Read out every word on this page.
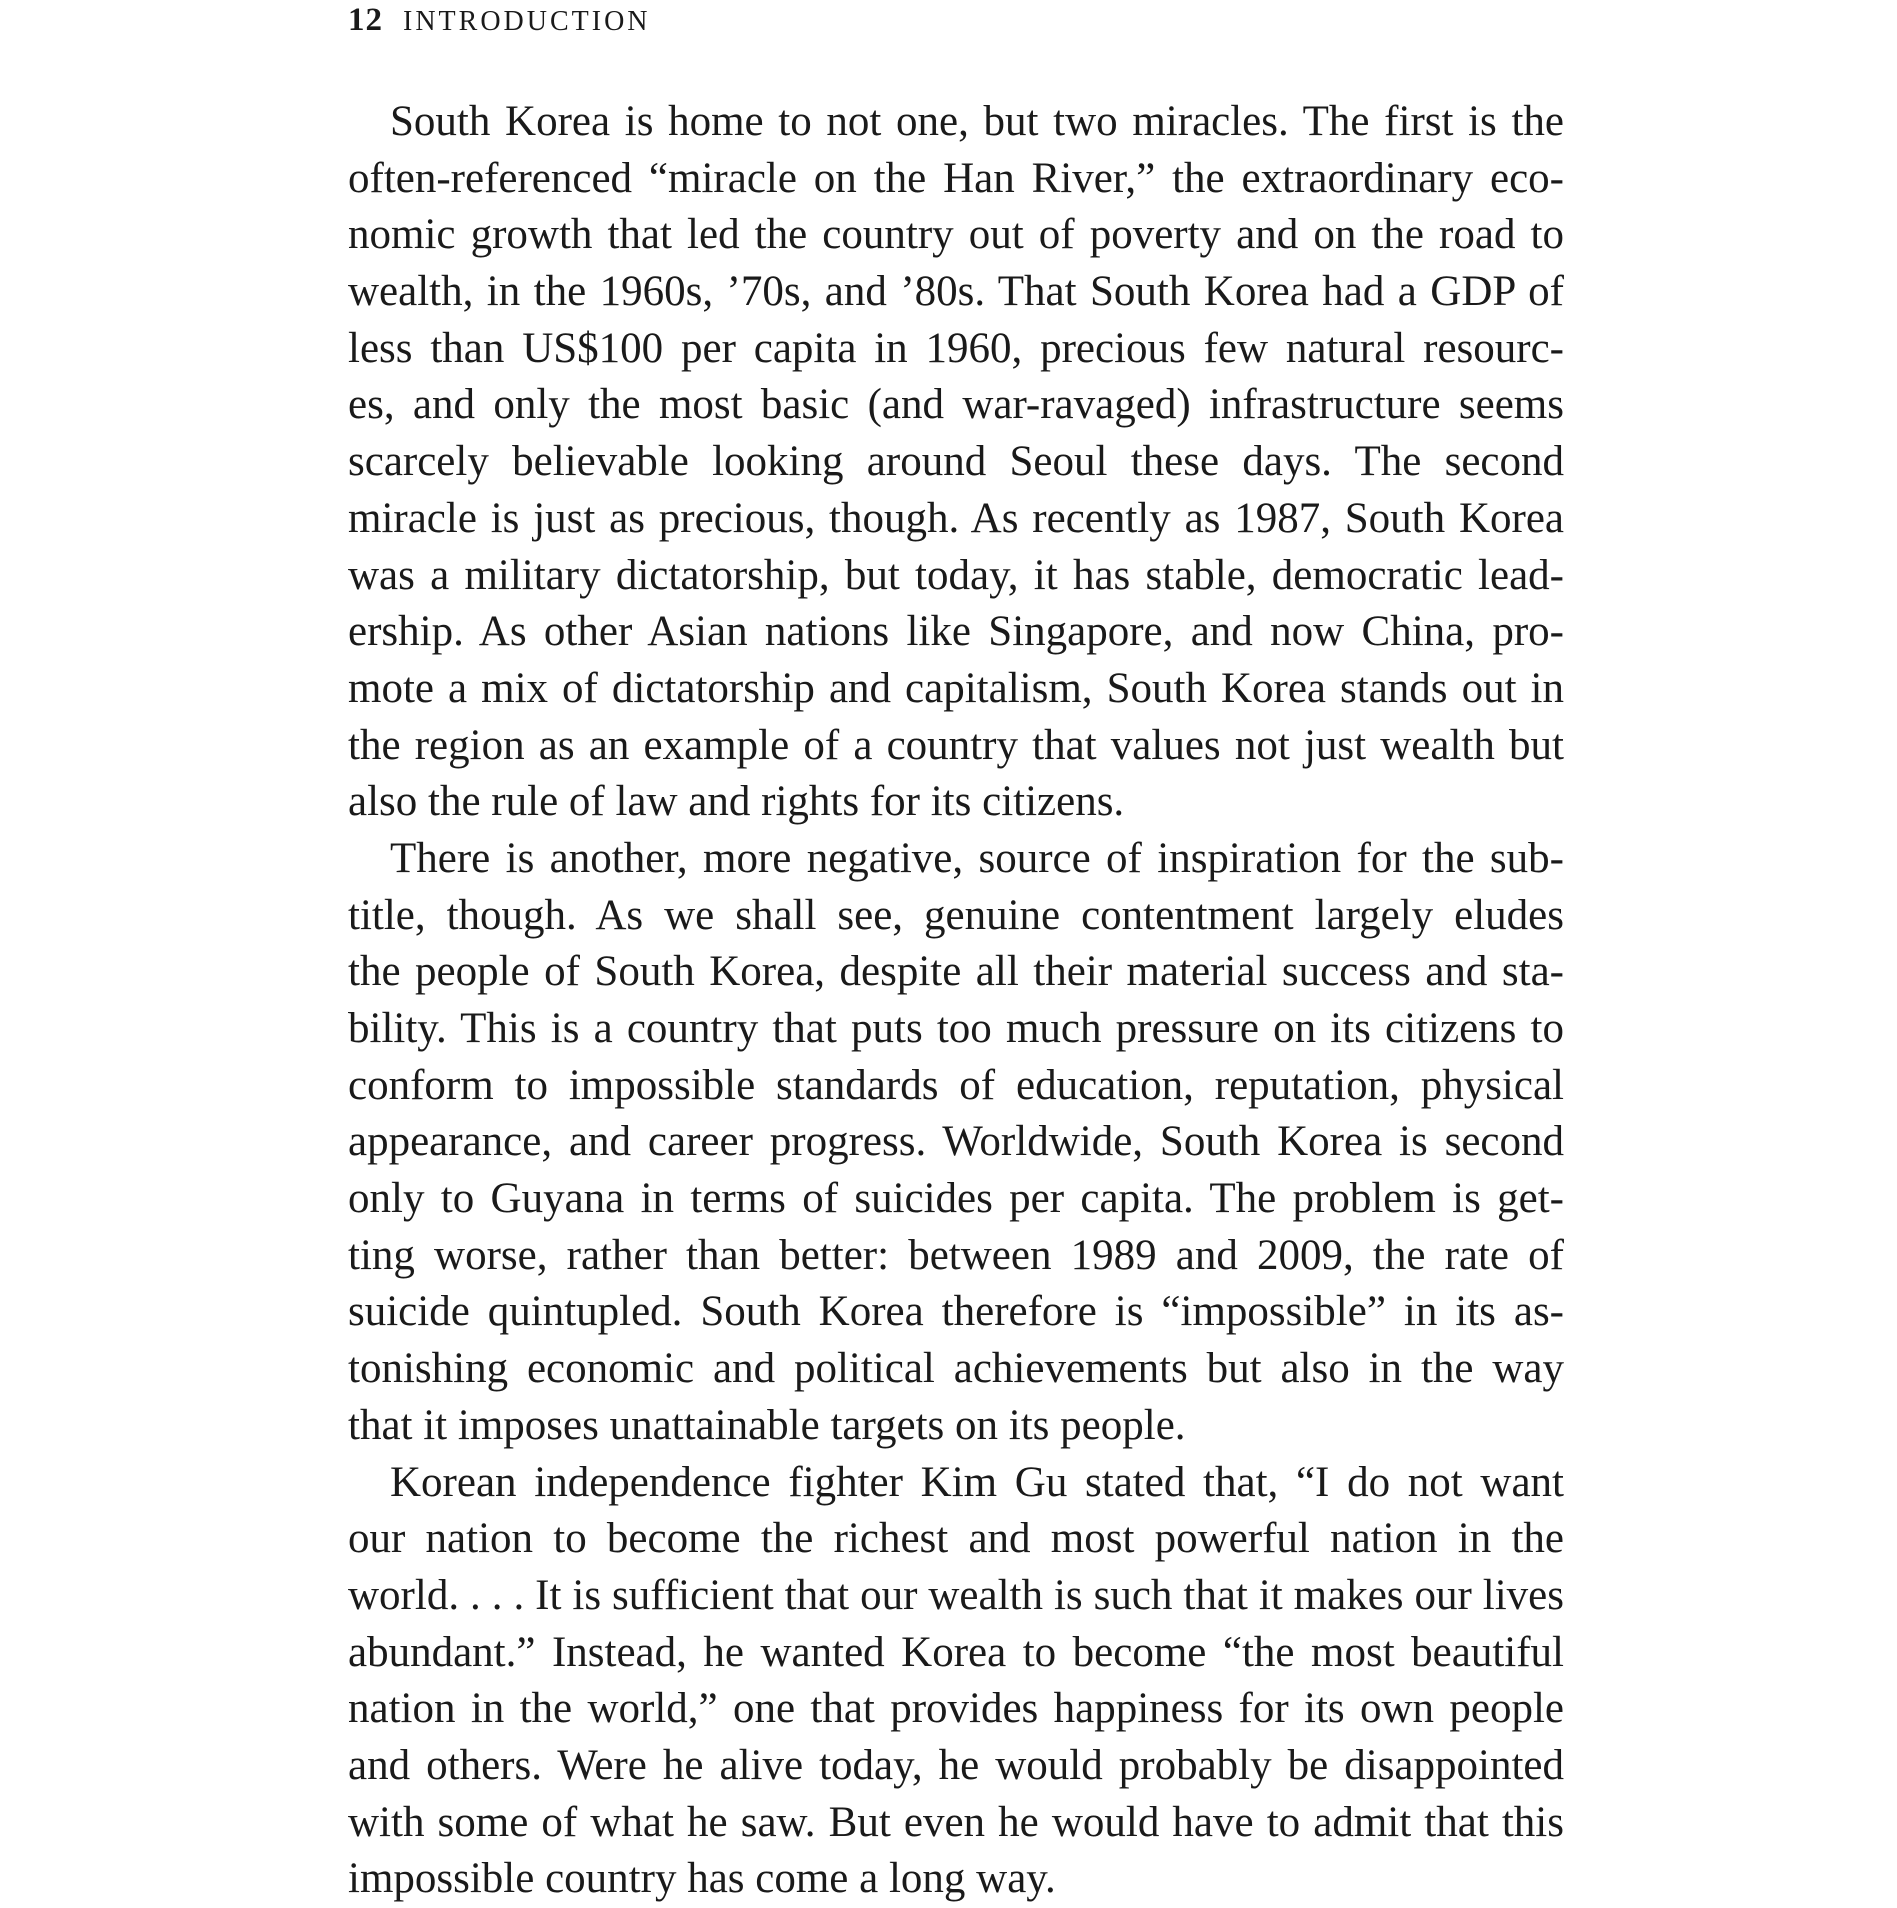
12 INTRODUCTION
South Korea is home to not one, but two miracles. The first is the
often-referenced “miracle on the Han River,” the extraordinary eco-
nomic growth that led the country out of poverty and on the road to
wealth, in the 1960s, ’70s, and ’80s. That South Korea had a GDP of
less than US$100 per capita in 1960, precious few natural resourc-
es, and only the most basic (and war-ravaged) infrastructure seems
scarcely believable looking around Seoul these days. The second
miracle is just as precious, though. As recently as 1987, South Korea
was a military dictatorship, but today, it has stable, democratic lead-
ership. As other Asian nations like Singapore, and now China, pro-
mote a mix of dictatorship and capitalism, South Korea stands out in
the region as an example of a country that values not just wealth but
also the rule of law and rights for its citizens.
There is another, more negative, source of inspiration for the sub-
title, though. As we shall see, genuine contentment largely eludes
the people of South Korea, despite all their material success and sta-
bility. This is a country that puts too much pressure on its citizens to
conform to impossible standards of education, reputation, physical
appearance, and career progress. Worldwide, South Korea is second
only to Guyana in terms of suicides per capita. The problem is get-
ting worse, rather than better: between 1989 and 2009, the rate of
suicide quintupled. South Korea therefore is “impossible” in its as-
tonishing economic and political achievements but also in the way
that it imposes unattainable targets on its people.
Korean independence fighter Kim Gu stated that, “I do not want
our nation to become the richest and most powerful nation in the
world. . . . It is sufficient that our wealth is such that it makes our lives
abundant.” Instead, he wanted Korea to become “the most beautiful
nation in the world,” one that provides happiness for its own people
and others. Were he alive today, he would probably be disappointed
with some of what he saw. But even he would have to admit that this
impossible country has come a long way.
